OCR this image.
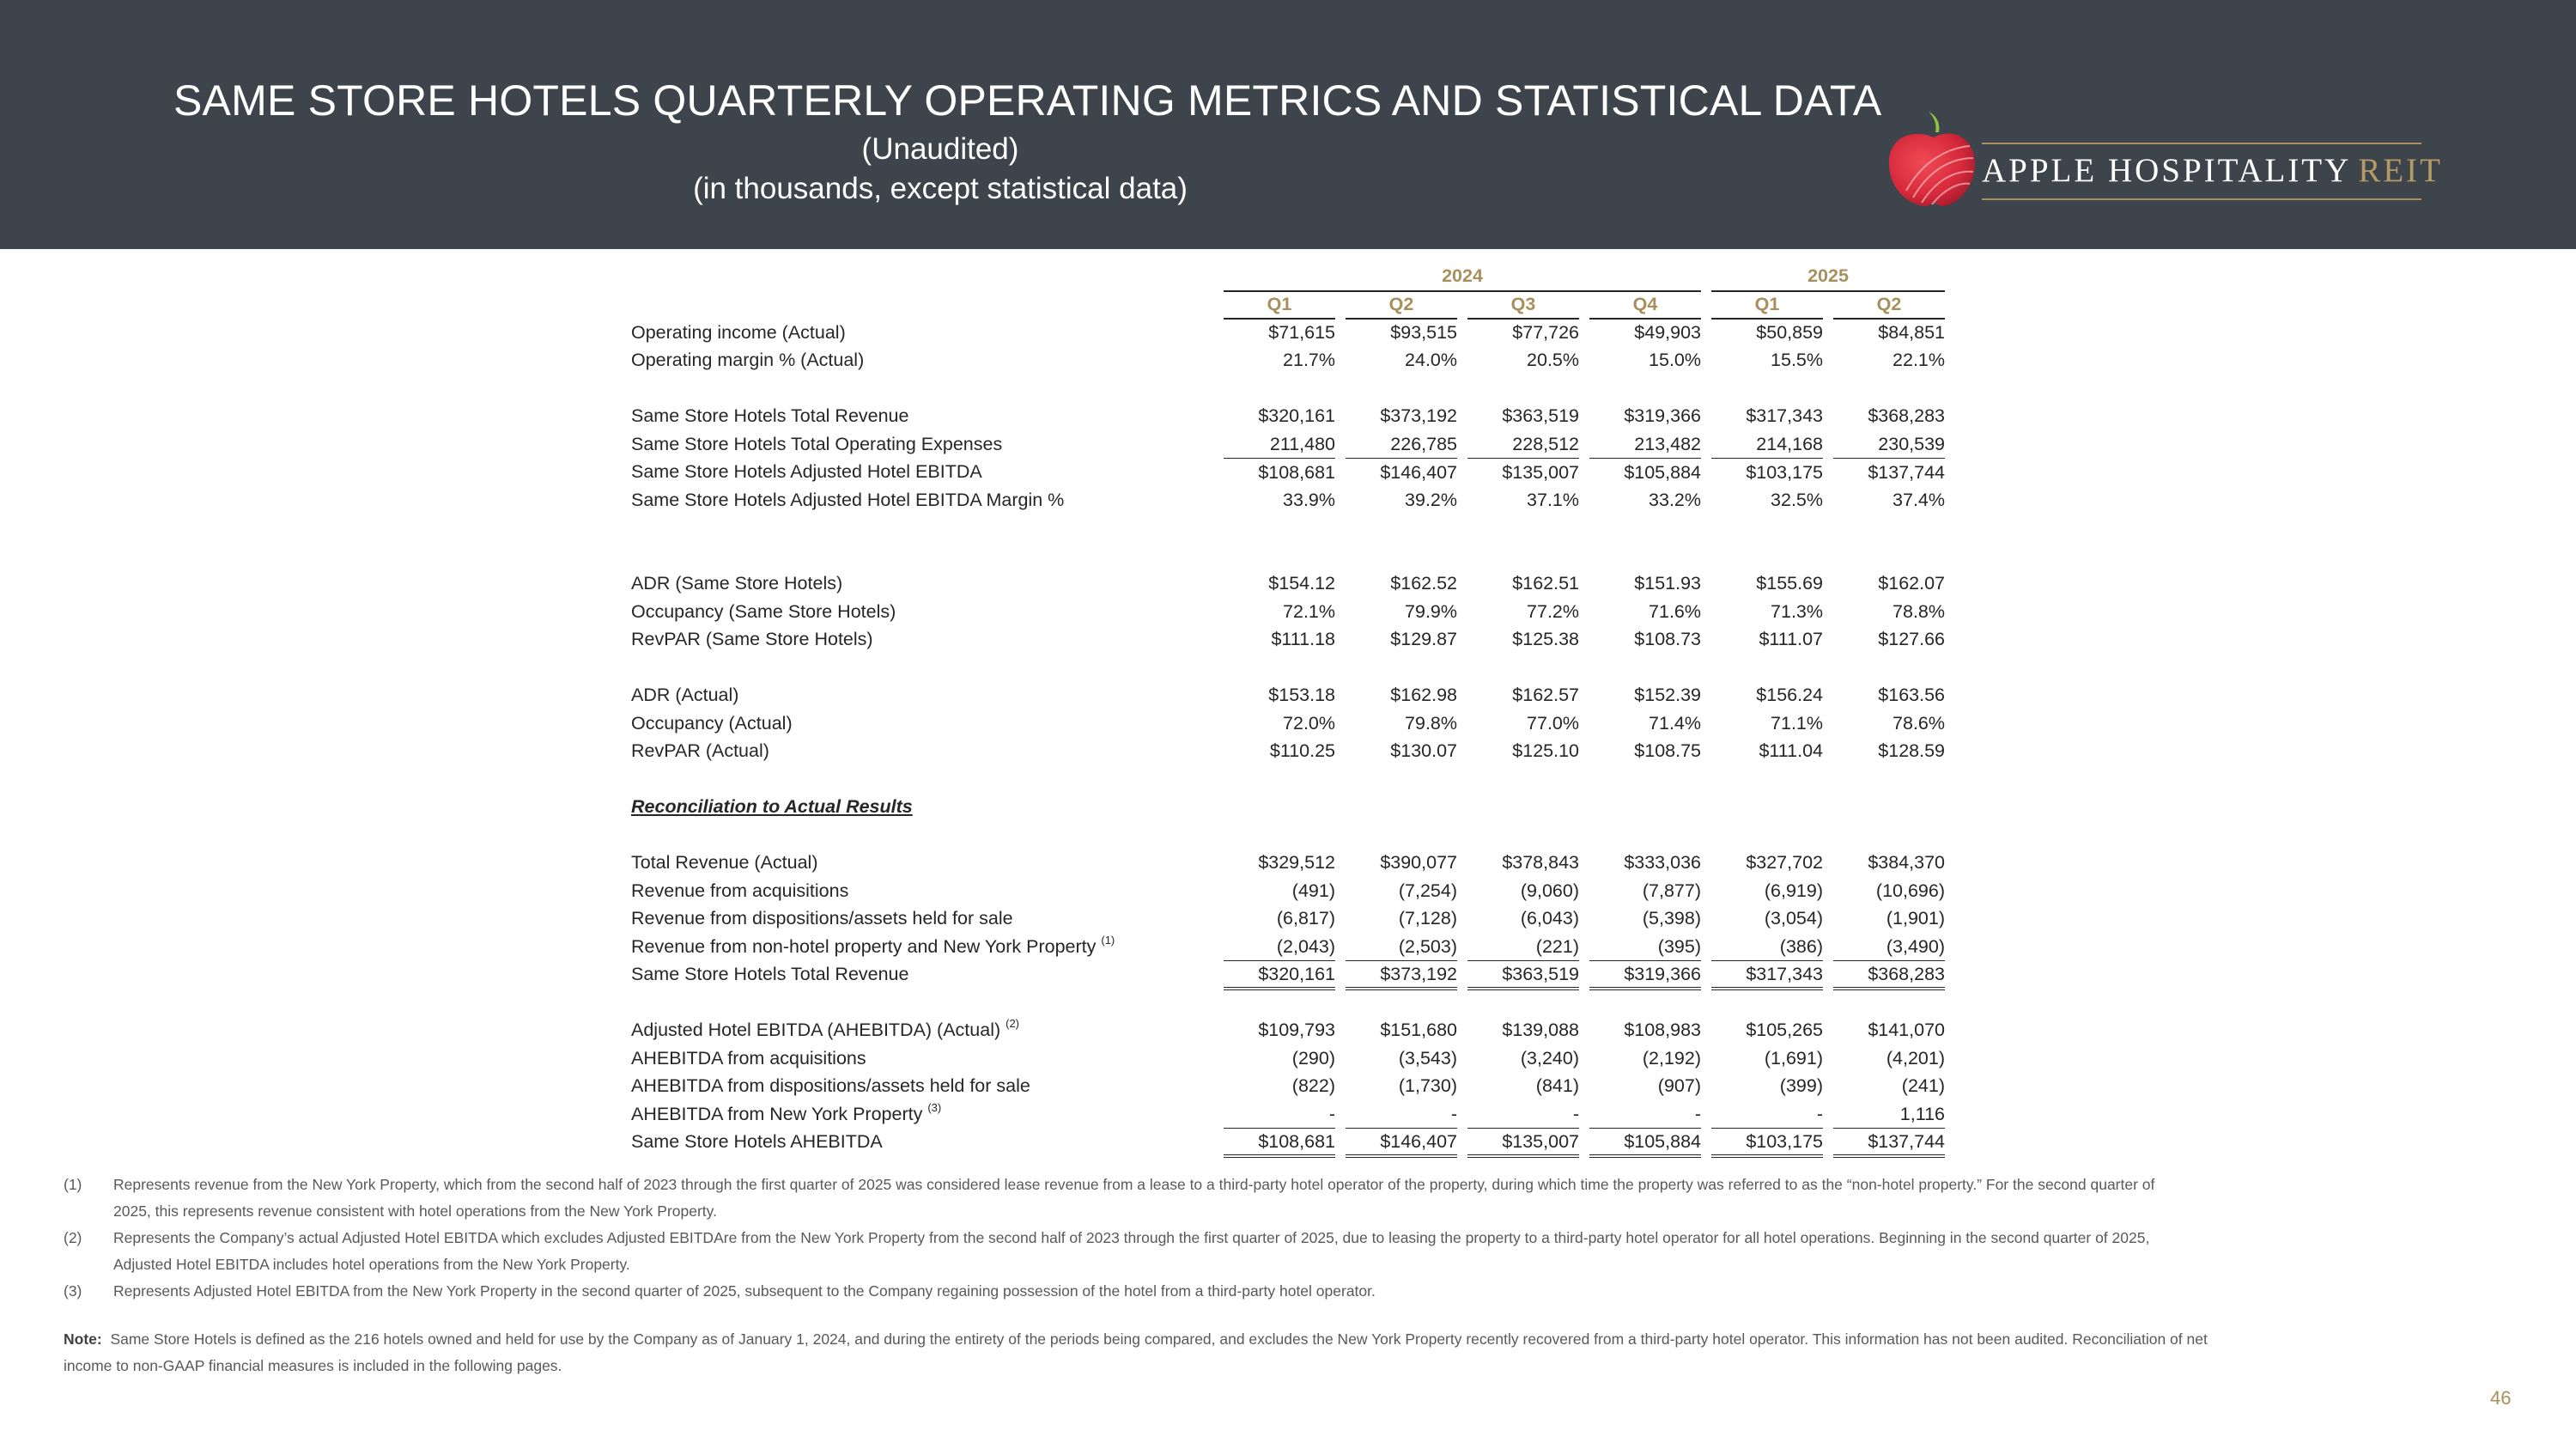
SAME STORE HOTELS QUARTERLY OPERATING METRICS AND STATISTICAL DATA
(Unaudited)
(in thousands, except statistical data)	APPLE HOSPITALITY REIT
	2024								2025			
	Q1		Q2		Q3		Q4		Q1		Q2	
Operating income (Actual)	$71,615		$93,515		$77,726		$49,903		$50,859		$84,851	
Operating margin % (Actual)	21.7%		24.0%		20.5%		15.0%		15.5%		22.1%	

Same Store Hotels Total Revenue	$320,161		$373,192		$363,519		$319,366		$317,343		$368,283	
Same Store Hotels Total Operating Expenses	211,480		226,785		228,512		213,482		214,168		230,539	
Same Store Hotels Adjusted Hotel EBITDA	$108,681		$146,407		$135,007		$105,884		$103,175		$137,744	
Same Store Hotels Adjusted Hotel EBITDA Margin %	33.9%		39.2%		37.1%		33.2%		32.5%		37.4%	

ADR (Same Store Hotels)	$154.12		$162.52		$162.51		$151.93		$155.69		$162.07	
Occupancy (Same Store Hotels)	72.1%		79.9%		77.2%		71.6%		71.3%		78.8%	
RevPAR (Same Store Hotels)	$111.18		$129.87		$125.38		$108.73		$111.07		$127.66	

ADR (Actual)	$153.18		$162.98		$162.57		$152.39		$156.24		$163.56	
Occupancy (Actual)	72.0%		79.8%		77.0%		71.4%		71.1%		78.6%	
RevPAR (Actual)	$110.25		$130.07		$125.10		$108.75		$111.04		$128.59	

Reconciliation to Actual Results												

Total Revenue (Actual)	$329,512		$390,077		$378,843		$333,036		$327,702		$384,370	
Revenue from acquisitions	(491)		(7,254)		(9,060)		(7,877)		(6,919)		(10,696)	
Revenue from dispositions/assets held for sale	(6,817)		(7,128)		(6,043)		(5,398)		(3,054)		(1,901)	
Revenue from non-hotel property and New York Property $^{(1)}$	(2,043)		(2,503)		(221)		(395)		(386)		(3,490)	
Same Store Hotels Total Revenue	$320,161		$373,192		$363,519		$319,366		$317,343		$368,283	

Adjusted Hotel EBITDA (AHEBITDA) (Actual) $^{(2)}$	$109,793		$151,680		$139,088		$108,983		$105,265		$141,070	
AHEBITDA from acquisitions	(290)		(3,543)		(3,240)		(2,192)		(1,691)		(4,201)	
AHEBITDA from dispositions/assets held for sale	(822)		(1,730)		(841)		(907)		(399)		(241)	
AHEBITDA from New York Property $^{(3)}$	-		-		-		-		-		1,116	
Same Store Hotels AHEBITDA	$108,681		$146,407		$135,007		$105,884		$103,175		$137,744	
(1) Represents revenue from the New York Property, which from the second half of 2023 through the first quarter of 2025 was considered lease revenue from a lease to a third-party hotel operator of the property, during which time the property was referred to as the “non-hotel property.” For the second quarter of
2025, this represents revenue consistent with hotel operations from the New York Property.
(2) Represents the Company’s actual Adjusted Hotel EBITDA which excludes Adjusted EBITDAre from the New York Property from the second half of 2023 through the first quarter of 2025, due to leasing the property to a third-party hotel operator for all hotel operations. Beginning in the second quarter of 2025,
Adjusted Hotel EBITDA includes hotel operations from the New York Property.
(3) Represents Adjusted Hotel EBITDA from the New York Property in the second quarter of 2025, subsequent to the Company regaining possession of the hotel from a third-party hotel operator.
Note: Same Store Hotels is defined as the 216 hotels owned and held for use by the Company as of January 1, 2024, and during the entirety of the periods being compared, and excludes the New York Property recently recovered from a third-party hotel operator. This information has not been audited. Reconciliation of net
income to non-GAAP financial measures is included in the following pages.
46
